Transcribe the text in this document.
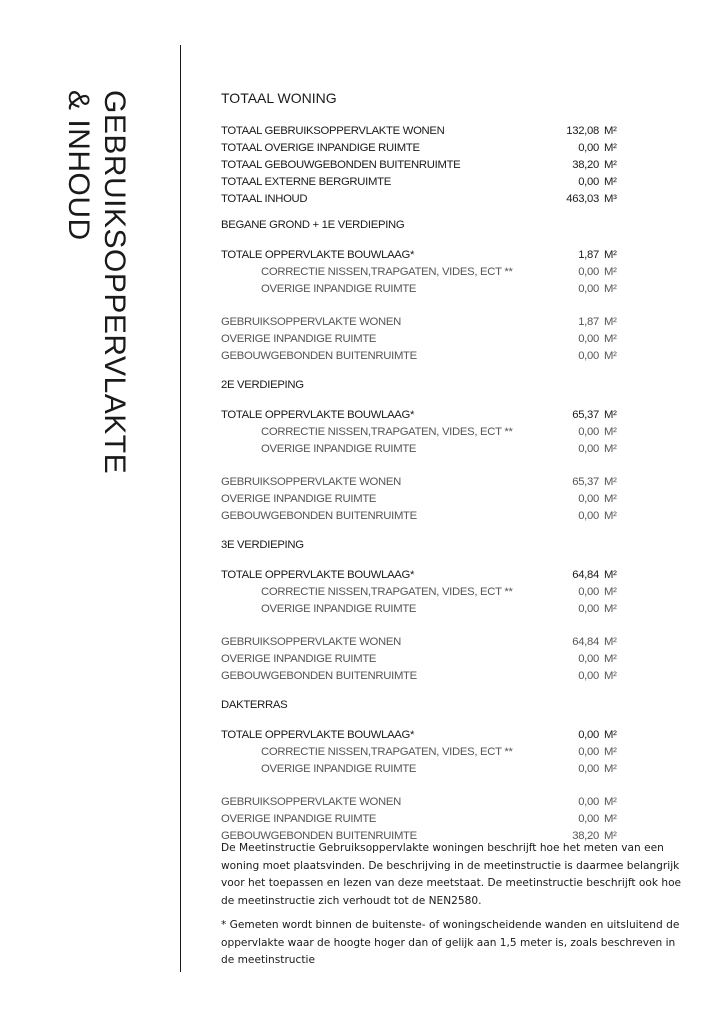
GEBRUIKSOPPERVLAKTE
& INHOUD	TOTAAL WONING
TOTAAL GEBRUIKSOPPERVLAKTE WONEN	132,08 M²
TOTAAL OVERIGE INPANDIGE RUIMTE	0,00 M²
TOTAAL GEBOUWGEBONDEN BUITENRUIMTE	38,20 M²
TOTAAL EXTERNE BERGRUIMTE	0,00 M²
TOTAAL INHOUD	463,03 M³
BEGANE GROND + 1E VERDIEPING
TOTALE OPPERVLAKTE BOUWLAAG*	1,87 M²
CORRECTIE NISSEN,TRAPGATEN, VIDES, ECT **	0,00 M²
OVERIGE INPANDIGE RUIMTE	0,00 M²
GEBRUIKSOPPERVLAKTE WONEN	1,87 M²
OVERIGE INPANDIGE RUIMTE	0,00 M²
GEBOUWGEBONDEN BUITENRUIMTE	0,00 M²
2E VERDIEPING
TOTALE OPPERVLAKTE BOUWLAAG*	65,37 M²
CORRECTIE NISSEN,TRAPGATEN, VIDES, ECT **	0,00 M²
OVERIGE INPANDIGE RUIMTE	0,00 M²
GEBRUIKSOPPERVLAKTE WONEN	65,37 M²
OVERIGE INPANDIGE RUIMTE	0,00 M²
GEBOUWGEBONDEN BUITENRUIMTE	0,00 M²
3E VERDIEPING
TOTALE OPPERVLAKTE BOUWLAAG*	64,84 M²
CORRECTIE NISSEN,TRAPGATEN, VIDES, ECT **	0,00 M²
OVERIGE INPANDIGE RUIMTE	0,00 M²
GEBRUIKSOPPERVLAKTE WONEN	64,84 M²
OVERIGE INPANDIGE RUIMTE	0,00 M²
GEBOUWGEBONDEN BUITENRUIMTE	0,00 M²
DAKTERRAS
TOTALE OPPERVLAKTE BOUWLAAG*	0,00 M²
CORRECTIE NISSEN,TRAPGATEN, VIDES, ECT **	0,00 M²
OVERIGE INPANDIGE RUIMTE	0,00 M²
GEBRUIKSOPPERVLAKTE WONEN	0,00 M²
OVERIGE INPANDIGE RUIMTE	0,00 M²
GEBOUWGEBONDEN BUITENRUIMTE	38,20 M²

De Meetinstructie Gebruiksoppervlakte woningen beschrijft hoe het meten van een woning moet plaatsvinden. De beschrijving in de meetinstructie is daarmee belangrijk voor het toepassen en lezen van deze meetstaat. De meetinstructie beschrijft ook hoe de meetinstructie zich verhoudt tot de NEN2580.

* Gemeten wordt binnen de buitenste- of woningscheidende wanden en uitsluitend de oppervlakte waar de hoogte hoger dan of gelijk aan 1,5 meter is, zoals beschreven in de meetinstructie
